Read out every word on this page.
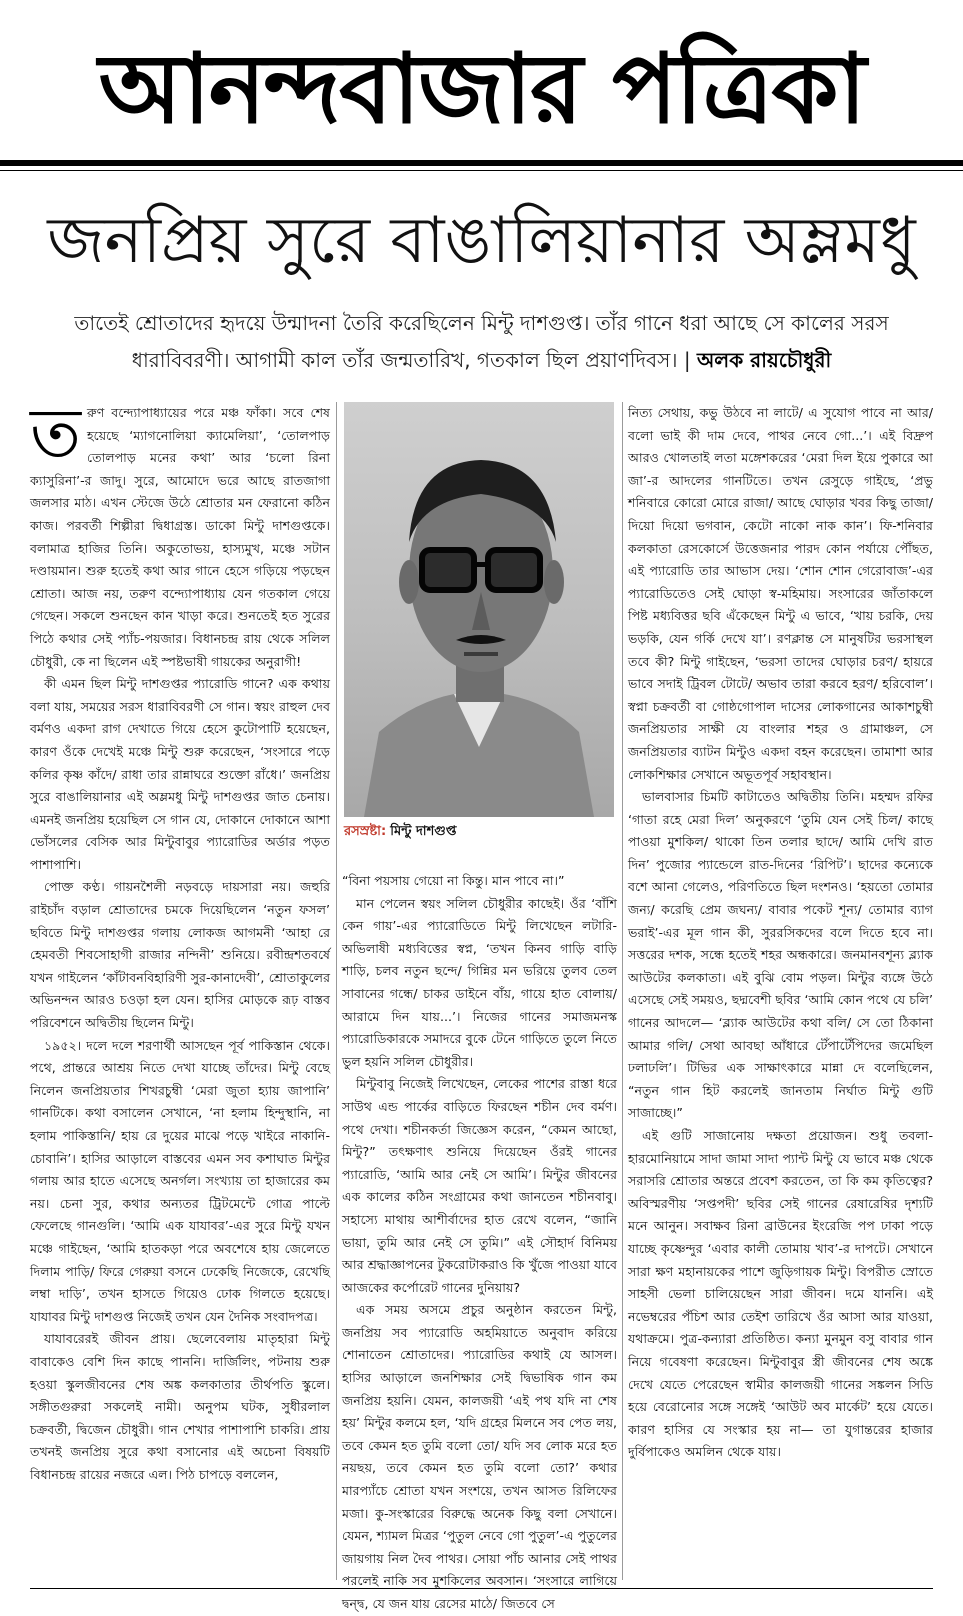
আনন্দবাজার পত্রিকা
জনপ্রিয় সুরে বাঙালিয়ানার অম্লমধু
তাতেই শ্রোতাদের হৃদয়ে উন্মাদনা তৈরি করেছিলেন মিন্টু দাশগুপ্ত। তাঁর গানে ধরা আছে সে কালের সরস ধারাবিবরণী। আগামী কাল তাঁর জন্মতারিখ, গতকাল ছিল প্রয়াণদিবস। | অলক রায়চৌধুরী

তরুণ বন্দ্যোপাধ্যায়ের পরে মঞ্চ ফাঁকা। সবে শেষ হয়েছে ‘ম্যাগনোলিয়া ক্যামেলিয়া’, ‘তোলপাড় তোলপাড় মনের কথা’ আর ‘চলো রিনা ক্যাসুরিনা’-র জাদু। সুরে, আমোদে ভরে আছে রাতজাগা জলসার মাঠ। এখন স্টেজে উঠে শ্রোতার মন ফেরানো কঠিন কাজ। পরবর্তী শিল্পীরা দ্বিধাগ্রস্ত। ডাকো মিন্টু দাশগুপ্তকে। বলামাত্র হাজির তিনি। অকুতোভয়, হাস্যমুখ, মঞ্চে সটান দণ্ডায়মান। শুরু হতেই কথা আর গানে হেসে গড়িয়ে পড়ছেন শ্রোতা। আজ নয়, তরুণ বন্দ্যোপাধ্যায় যেন গতকাল গেয়ে গেছেন। সকলে শুনছেন কান খাড়া করে। শুনতেই হত সুরের পিঠে কথার সেই প্যাঁচ-পয়জার। বিধানচন্দ্র রায় থেকে সলিল চৌধুরী, কে না ছিলেন এই স্পষ্টভাষী গায়কের অনুরাগী!

কী এমন ছিল মিন্টু দাশগুপ্তর প্যারোডি গানে? এক কথায় বলা যায়, সময়ের সরস ধারাবিবরণী সে গান। স্বয়ং রাহুল দেব বর্মণও একদা রাগ দেখাতে গিয়ে হেসে কুটোপাটি হয়েছেন, কারণ ওঁকে দেখেই মঞ্চে মিন্টু শুরু করেছেন, ‘সংসারে পড়ে কলির কৃষ্ণ কাঁদে/ রাধা তার রান্নাঘরে শুক্তো রাঁধে।’ জনপ্রিয় সুরে বাঙালিয়ানার এই অম্লমধু মিন্টু দাশগুপ্তর জাত চেনায়। এমনই জনপ্রিয় হয়েছিল সে গান যে, দোকানে দোকানে আশা ভোঁসলের বেসিক আর মিন্টুবাবুর প্যারোডির অর্ডার পড়ত পাশাপাশি।

পোক্ত কণ্ঠ। গায়নশৈলী নড়বড়ে দায়সারা নয়। জহুরি রাইচাঁদ বড়াল শ্রোতাদের চমকে দিয়েছিলেন ‘নতুন ফসল’ ছবিতে মিন্টু দাশগুপ্তর গলায় লোকজ আগমনী ‘আহা রে হেমবতী শিবসোহাগী রাজার নন্দিনী’ শুনিয়ে। রবীন্দ্রশতবর্ষে যখন গাইলেন ‘কাঁটাবনবিহারিণী সুর-কানাদেবী’, শ্রোতাকুলের অভিনন্দন আরও চওড়া হল যেন। হাসির মোড়কে রূঢ় বাস্তব পরিবেশনে অদ্বিতীয় ছিলেন মিন্টু।

১৯৫২। দলে দলে শরণার্থী আসছেন পূর্ব পাকিস্তান থেকে। পথে, প্রান্তরে আশ্রয় নিতে দেখা যাচ্ছে তাঁদের। মিন্টু বেছে নিলেন জনপ্রিয়তার শিখরচুম্বী ‘মেরা জুতা হ্যায় জাপানি’ গানটিকে। কথা বসালেন সেখানে, ‘না হলাম হিন্দুস্থানি, না হলাম পাকিস্তানি/ হায় রে দুয়ের মাঝে পড়ে খাইরে নাকানি-চোবানি’। হাসির আড়ালে বাস্তবের এমন সব কশাঘাত মিন্টুর গলায় আর হাতে এসেছে অনর্গল। সংখ্যায় তা হাজারের কম নয়। চেনা সুর, কথার অন্যতর ট্রিটমেন্টে গোত্র পাল্টে ফেলেছে গানগুলি। ‘আমি এক যাযাবর’-এর সুরে মিন্টু যখন মঞ্চে গাইছেন, ‘আমি হাতকড়া পরে অবশেষে হায় জেলেতে দিলাম পাড়ি/ ফিরে গেরুয়া বসনে ঢেকেছি নিজেকে, রেখেছি লম্বা দাড়ি’, তখন হাসতে গিয়েও ঢোক গিলতে হয়েছে। যাযাবর মিন্টু দাশগুপ্ত নিজেই তখন যেন দৈনিক সংবাদপত্র।

যাযাবরেরই জীবন প্রায়। ছেলেবেলায় মাতৃহারা মিন্টু বাবাকেও বেশি দিন কাছে পাননি। দার্জিলিং, পটনায় শুরু হওয়া স্কুলজীবনের শেষ অঙ্ক কলকাতার তীর্থপতি স্কুলে। সঙ্গীতগুরুরা সকলেই নামী। অনুপম ঘটক, সুধীরলাল চক্রবর্তী, দ্বিজেন চৌধুরী। গান শেখার পাশাপাশি চাকরি। প্রায় তখনই জনপ্রিয় সুরে কথা বসানোর এই অচেনা বিষয়টি বিধানচন্দ্র রায়ের নজরে এল। পিঠ চাপড়ে বললেন,

রসস্রষ্টা: মিন্টু দাশগুপ্ত

“বিনা পয়সায় গেয়ো না কিন্তু। মান পাবে না।”

মান পেলেন স্বয়ং সলিল চৌধুরীর কাছেই। ওঁর ‘বাঁশি কেন গায়’-এর প্যারোডিতে মিন্টু লিখেছেন লটারি-অভিলাষী মধ্যবিত্তের স্বপ্ন, ‘তখন কিনব গাড়ি বাড়ি শাড়ি, চলব নতুন ছন্দে/ গিন্নির মন ভরিয়ে তুলব তেল সাবানের গন্ধে/ চাকর ডাইনে বাঁয়, গায়ে হাত বোলায়/ আরামে দিন যায়...’। নিজের গানের সমাজমনস্ক প্যারোডিকারকে সমাদরে বুকে টেনে গাড়িতে তুলে নিতে ভুল হয়নি সলিল চৌধুরীর।

মিন্টুবাবু নিজেই লিখেছেন, লেকের পাশের রাস্তা ধরে সাউথ এন্ড পার্কের বাড়িতে ফিরছেন শচীন দেব বর্মণ। পথে দেখা। শচীনকর্তা জিজ্ঞেস করেন, “কেমন আছো, মিন্টু?” তৎক্ষণাৎ শুনিয়ে দিয়েছেন ওঁরই গানের প্যারোডি, ‘আমি আর নেই সে আমি’। মিন্টুর জীবনের এক কালের কঠিন সংগ্রামের কথা জানতেন শচীনবাবু। সহাস্যে মাথায় আশীর্বাদের হাত রেখে বলেন, “জানি ভায়া, তুমি আর নেই সে তুমি।” এই সৌহার্দ বিনিময় আর শ্রদ্ধাজ্ঞাপনের টুকরোটাকরাও কি খুঁজে পাওয়া যাবে আজকের কর্পোরেট গানের দুনিয়ায়?

এক সময় অসমে প্রচুর অনুষ্ঠান করতেন মিন্টু, জনপ্রিয় সব প্যারোডি অহমিয়াতে অনুবাদ করিয়ে শোনাতেন শ্রোতাদের। প্যারোডির কথাই যে আসল। হাসির আড়ালে জনশিক্ষার সেই দ্বিভাষিক গান কম জনপ্রিয় হয়নি। যেমন, কালজয়ী ‘এই পথ যদি না শেষ হয়’ মিন্টুর কলমে হল, ‘যদি গ্রহের মিলনে সব পেত লয়, তবে কেমন হত তুমি বলো তো/ যদি সব লোক মরে হত নয়ছয়, তবে কেমন হত তুমি বলো তো?’ কথার মারপ্যাঁচে শ্রোতা যখন সংশয়ে, তখন আসত রিলিফের মজা। কু-সংস্কারের বিরুদ্ধে অনেক কিছু বলা সেখানে। যেমন, শ্যামল মিত্রর ‘পুতুল নেবে গো পুতুল’-এ পুতুলের জায়গায় নিল দৈব পাথর। সোয়া পাঁচ আনার সেই পাথর পরলেই নাকি সব মুশকিলের অবসান। ‘সংসারে লাগিয়ে দ্বন্দ্ব, যে জন যায় রেসের মাঠে/ জিতবে সে

নিত্য সেথায়, কভু উঠবে না লাটে/ এ সুযোগ পাবে না আর/ বলো ভাই কী দাম দেবে, পাথর নেবে গো...’। এই বিদ্রুপ আরও খোলতাই লতা মঙ্গেশকরের ‘মেরা দিল ইয়ে পুকারে আ জা’-র আদলের গানটিতে। তখন রেসুড়ে গাইছে, ‘প্রভু শনিবারে কোরো মোরে রাজা/ আছে ঘোড়ার খবর কিছু তাজা/ দিয়ো দিয়ো ভগবান, কেটো নাকো নাক কান’। ফি-শনিবার কলকাতা রেসকোর্সে উত্তেজনার পারদ কোন পর্যায়ে পৌঁছত, এই প্যারোডি তার আভাস দেয়। ‘শোন শোন গেরোবাজ’-এর প্যারোডিতেও সেই ঘোড়া স্ব-মহিমায়। সংসারের জাঁতাকলে পিষ্ট মধ্যবিত্তর ছবি এঁকেছেন মিন্টু এ ভাবে, ‘খায় চরকি, দেয় ভড়কি, যেন গর্কি দেখে যা’। রণক্লান্ত সে মানুষটির ভরসাস্থল তবে কী? মিন্টু গাইছেন, ‘ভরসা তাদের ঘোড়ার চরণ/ হায়রে ভাবে সদাই ট্রিবল টোটে/ অভাব তারা করবে হরণ/ হরিবোল’। স্বপ্না চক্রবর্তী বা গোষ্ঠগোপাল দাসের লোকগানের আকাশচুম্বী জনপ্রিয়তার সাক্ষী যে বাংলার শহর ও গ্রামাঞ্চল, সে জনপ্রিয়তার ব্যাটন মিন্টুও একদা বহন করেছেন। তামাশা আর লোকশিক্ষার সেখানে অভূতপূর্ব সহাবস্থান।

ভালবাসার চিমটি কাটাতেও অদ্বিতীয় তিনি। মহম্মদ রফির ‘গাতা রহে মেরা দিল’ অনুকরণে ‘তুমি যেন সেই চিল/ কাছে পাওয়া মুশকিল/ থাকো তিন তলার ছাদে/ আমি দেখি রাত দিন’ পুজোর প্যান্ডেলে রাত-দিনের ‘রিপিট’। ছাদের কন্যেকে বশে আনা গেলেও, পরিণতিতে ছিল দংশনও। ‘হয়তো তোমার জন্য/ করেছি প্রেম জঘন্য/ বাবার পকেট শূন্য/ তোমার ব্যাগ ভরাই’-এর মূল গান কী, সুররসিকদের বলে দিতে হবে না। সত্তরের দশক, সন্ধে হতেই শহর অন্ধকারে। জনমানবশূন্য ব্ল্যাক আউটের কলকাতা। এই বুঝি বোম পড়ল। মিন্টুর ব্যঙ্গে উঠে এসেছে সেই সময়ও, ছদ্মবেশী ছবির ‘আমি কোন পথে যে চলি’ গানের আদলে— ‘ব্ল্যাক আউটের কথা বলি/ সে তো ঠিকানা আমার গলি/ সেথা আবছা আঁধারে টেঁপাটেঁপিদের জমেছিল ঢলাঢলি’। টিভির এক সাক্ষাৎকারে মান্না দে বলেছিলেন, “নতুন গান হিট করলেই জানতাম নির্ঘাত মিন্টু গুটি সাজাচ্ছে।”

এই গুটি সাজানোয় দক্ষতা প্রয়োজন। শুধু তবলা-হারমোনিয়ামে সাদা জামা সাদা প্যান্ট মিন্টু যে ভাবে মঞ্চ থেকে সরাসরি শ্রোতার অন্তরে প্রবেশ করতেন, তা কি কম কৃতিত্বের? অবিস্মরণীয় ‘সপ্তপদী’ ছবির সেই গানের রেষারেষির দৃশ্যটি মনে আনুন। সবাক্ষব রিনা ব্রাউনের ইংরেজি পপ ঢাকা পড়ে যাচ্ছে কৃষ্ণেন্দুর ‘এবার কালী তোমায় খাব’-র দাপটে। সেখানে সারা ক্ষণ মহানায়কের পাশে জুড়িগায়ক মিন্টু। বিপরীত স্রোতে সাহসী ভেলা চালিয়েছেন সারা জীবন। দমে যাননি। এই নভেম্বরের পঁচিশ আর তেইশ তারিখে ওঁর আসা আর যাওয়া, যথাক্রমে। পুত্র-কন্যারা প্রতিষ্ঠিত। কন্যা মুনমুন বসু বাবার গান নিয়ে গবেষণা করেছেন। মিন্টুবাবুর স্ত্রী জীবনের শেষ অঙ্কে দেখে যেতে পেরেছেন স্বামীর কালজয়ী গানের সঙ্কলন সিডি হয়ে বেরোনোর সঙ্গে সঙ্গেই ‘আউট অব মার্কেট’ হয়ে যেতে। কারণ হাসির যে সংস্কার হয় না— তা যুগান্তরের হাজার দুর্বিপাকেও অমলিন থেকে যায়।
